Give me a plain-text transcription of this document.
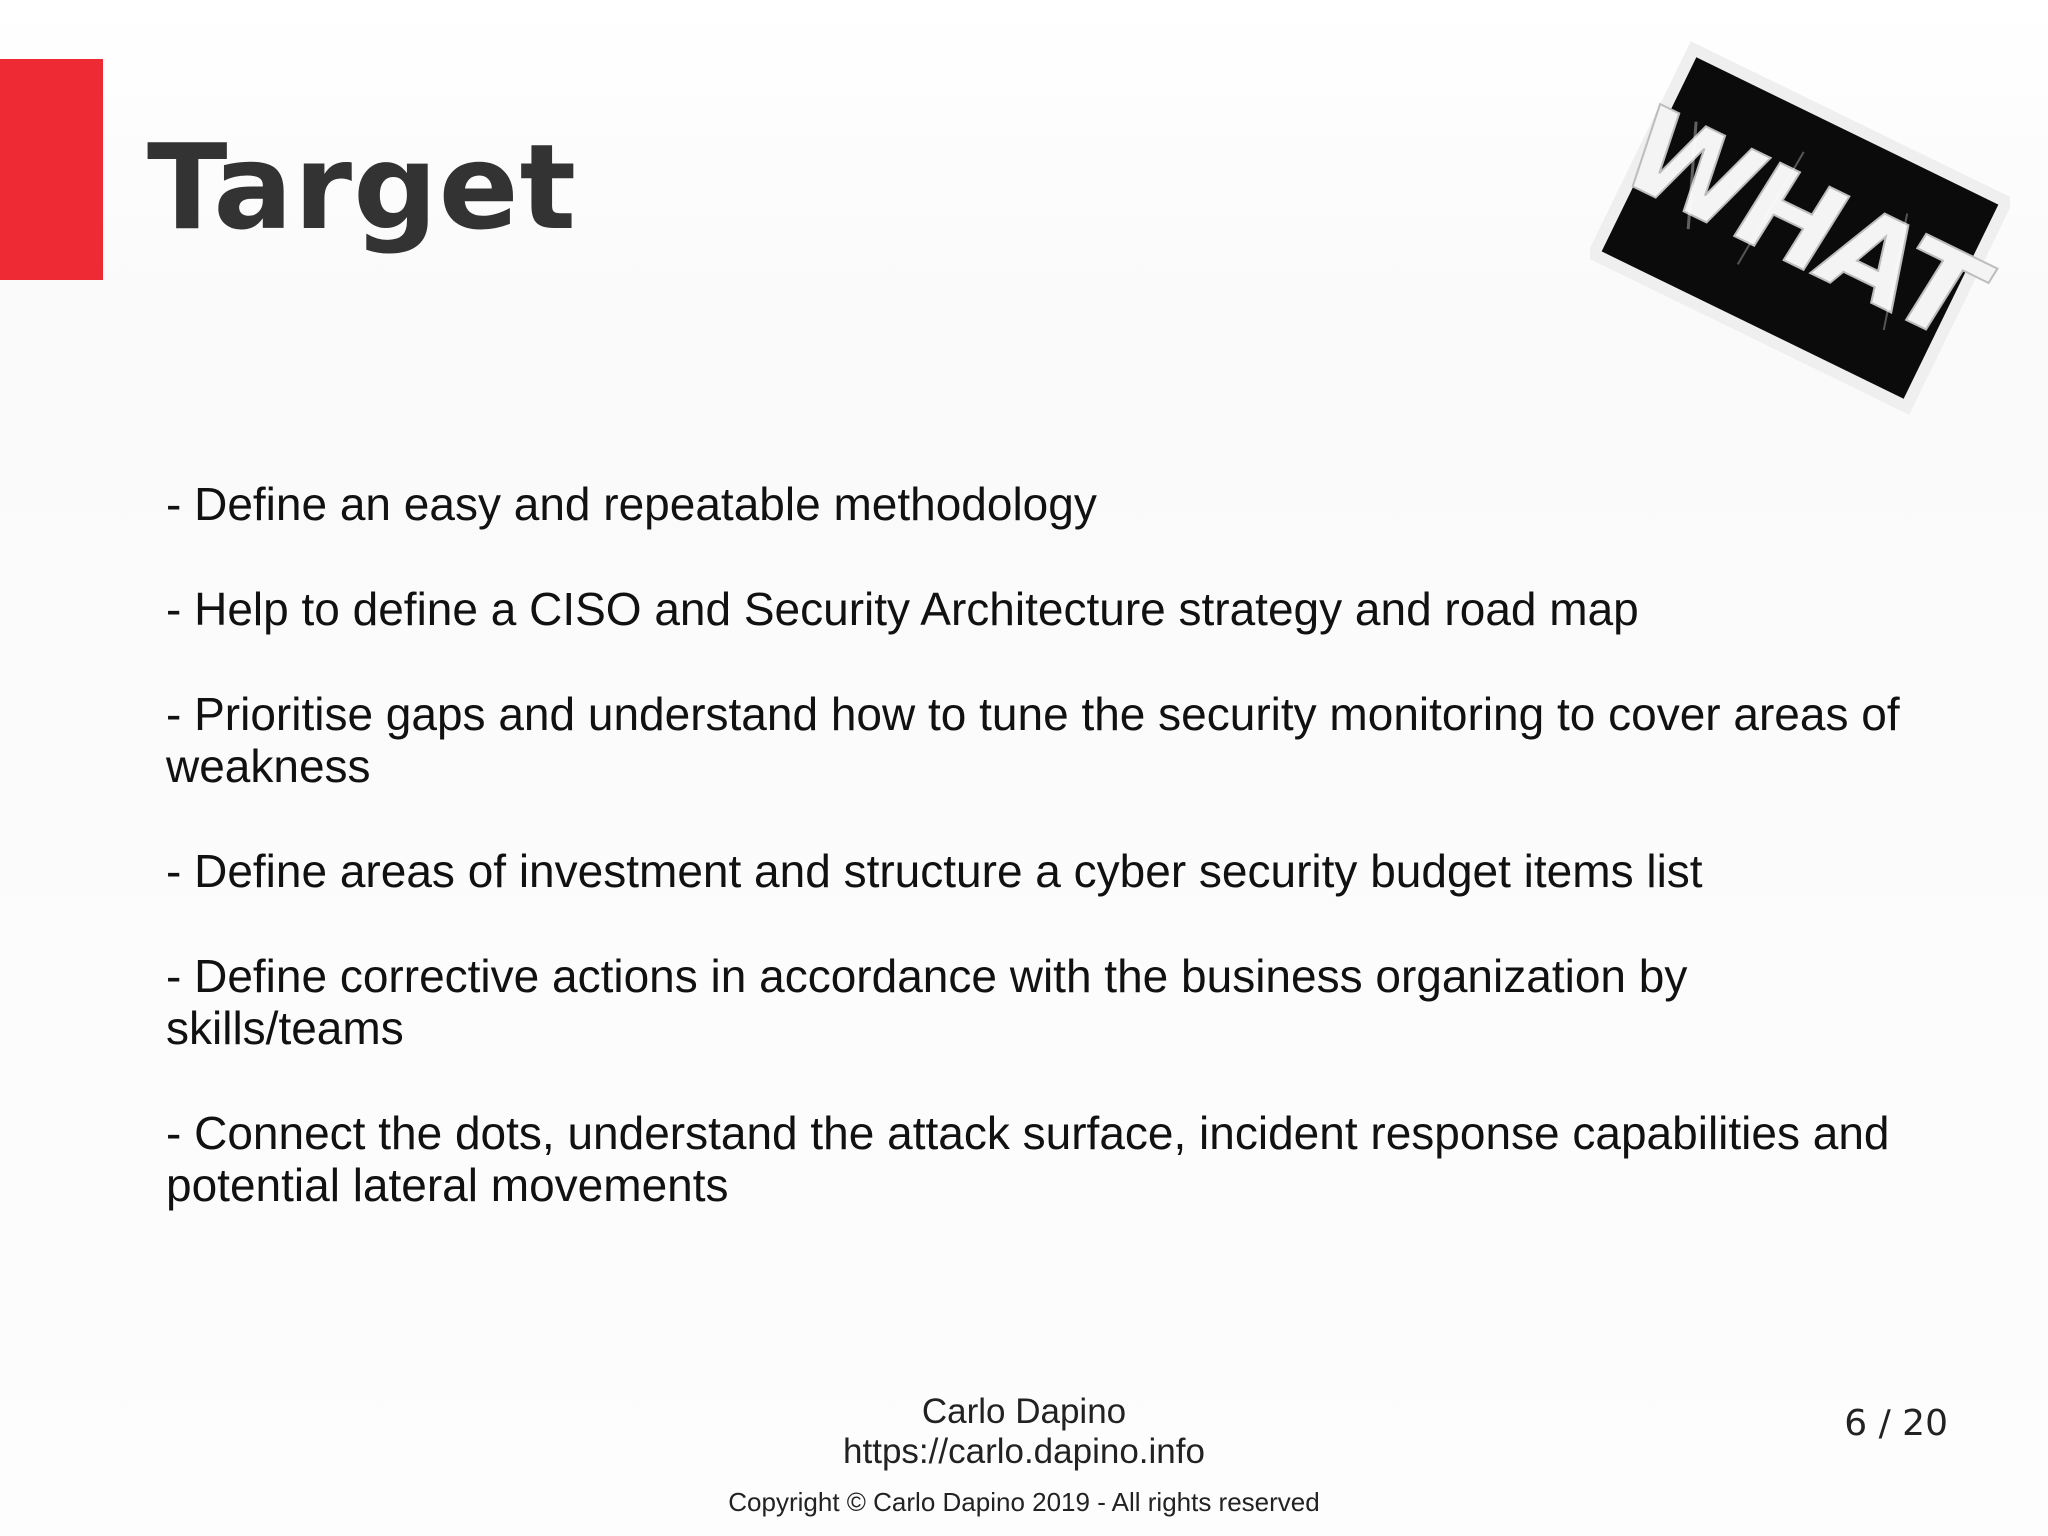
Target	WHAT
- Define an easy and repeatable methodology
- Help to define a CISO and Security Architecture strategy and road map
- Prioritise gaps and understand how to tune the security monitoring to cover areas of weakness
- Define areas of investment and structure a cyber security budget items list
- Define corrective actions in accordance with the business organization by skills/teams
- Connect the dots, understand the attack surface, incident response capabilities and potential lateral movements
Carlo Dapino
https://carlo.dapino.info
Copyright © Carlo Dapino 2019 - All rights reserved
6 / 20
